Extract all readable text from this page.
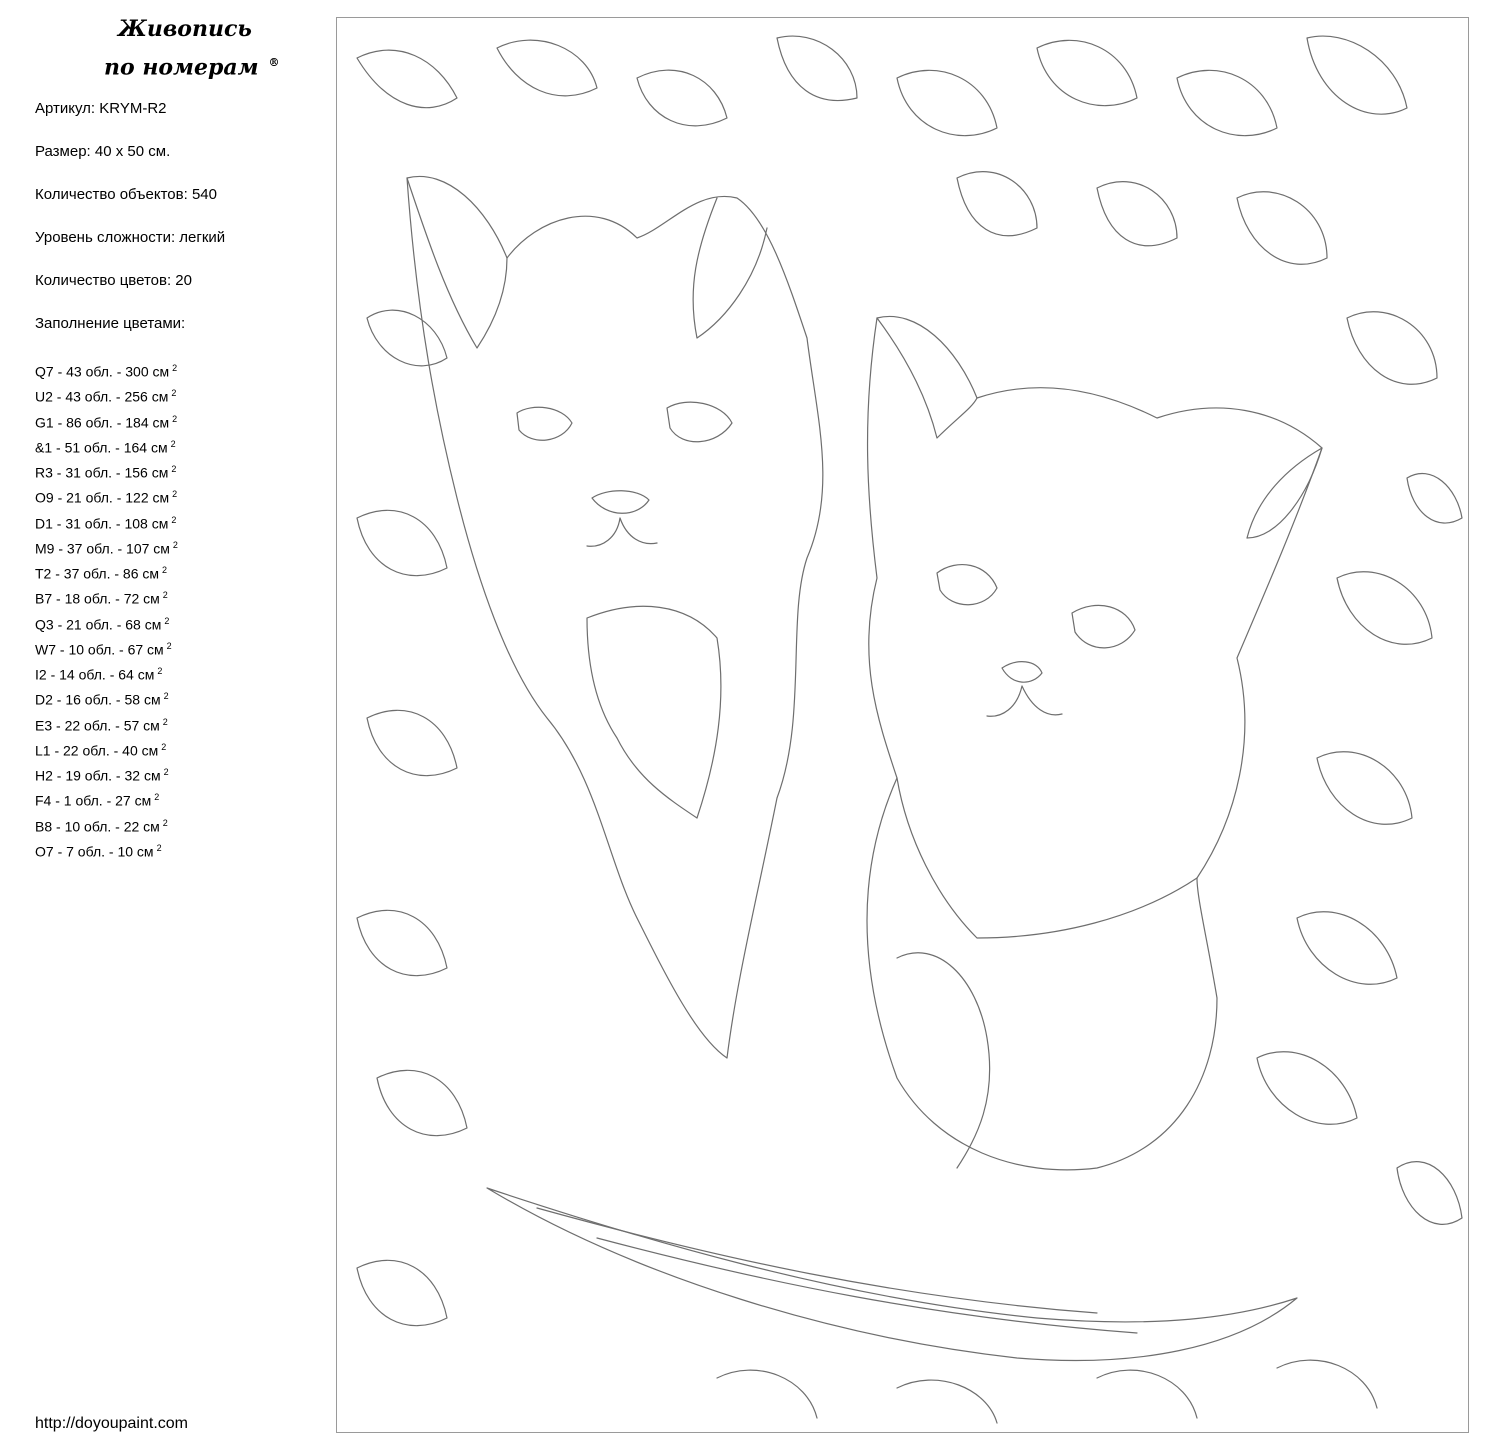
Живопись
по номерам ®
Артикул: KRYM-R2
Размер: 40 x 50 см.
Количество объектов: 540
Уровень сложности: легкий
Количество цветов: 20
Заполнение цветами:
Q7 - 43 обл. - 300 см $^2$
U2 - 43 обл. - 256 см $^2$
G1 - 86 обл. - 184 см $^2$
&1 - 51 обл. - 164 см $^2$
R3 - 31 обл. - 156 см $^2$
O9 - 21 обл. - 122 см $^2$
D1 - 31 обл. - 108 см $^2$
M9 - 37 обл. - 107 см $^2$
T2 - 37 обл. - 86 см $^2$
B7 - 18 обл. - 72 см $^2$
Q3 - 21 обл. - 68 см $^2$
W7 - 10 обл. - 67 см $^2$
I2 - 14 обл. - 64 см $^2$
D2 - 16 обл. - 58 см $^2$
E3 - 22 обл. - 57 см $^2$
L1 - 22 обл. - 40 см $^2$
H2 - 19 обл. - 32 см $^2$
F4 - 1 обл. - 27 см $^2$
B8 - 10 обл. - 22 см $^2$
O7 - 7 обл. - 10 см $^2$
http://doyoupaint.com
